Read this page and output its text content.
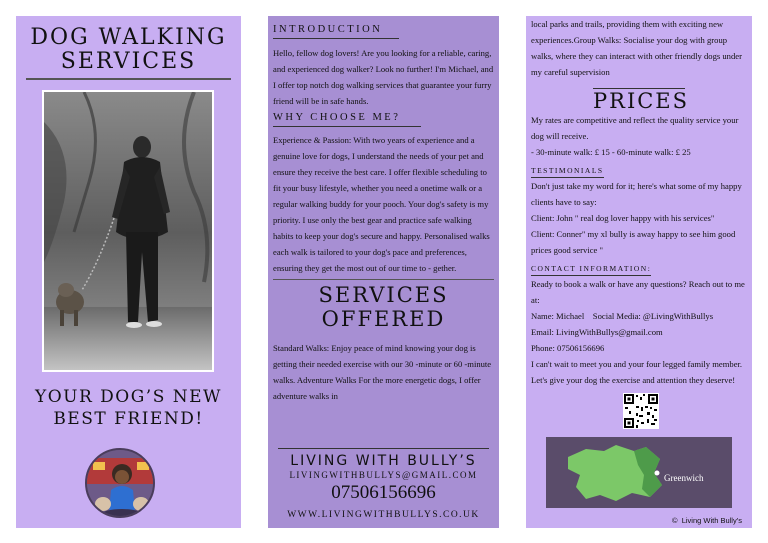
DOG WALKING
SERVICES
YOUR DOG’S NEW
BEST FRIEND!
INTRODUCTION
Hello, fellow dog lovers! Are you looking for a reliable, caring, and experienced dog walker? Look no further! I'm Michael, and I offer top notch dog walking services that guarantee your furry friend will be in safe hands.
WHY CHOOSE ME?
Experience & Passion: With two years of experience and a genuine love for dogs, I understand the needs of your pet and ensure they receive the best care. I offer flexible scheduling to fit your busy lifestyle, whether you need a onetime walk or a regular walking buddy for your pooch. Your dog's safety is my priority. I use only the best gear and practice safe walking habits to keep your dog's secure and happy. Personalised walks each walk is tailored to your dog's pace and preferences, ensuring they get the most out of our time to - gether.
SERVICES
OFFERED
Standard Walks: Enjoy peace of mind knowing your dog is getting their needed exercise with our 30 -minute or 60 -minute walks. Adventure Walks For the more energetic dogs, I offer adventure walks in
LIVING WITH BULLY’S
LIVINGWITHBULLYS@GMAIL.COM
07506156696
WWW.LIVINGWITHBULLYS.CO.UK
local parks and trails, providing them with exciting new experiences.Group Walks: Socialise your dog with group walks, where they can interact with other friendly dogs under my careful supervision
PRICES
My rates are competitive and reflect the quality service your dog will receive.
- 30-minute walk: £ 15 - 60-minute walk: £ 25
TESTIMONIALS
Don't just take my word for it; here's what some of my happy clients have to say:
Client: John " real dog lover happy with his services"
Client: Conner" my xl bully is away happy to see him good prices good service "
CONTACT INFORMATION:
Ready to book a walk or have any questions? Reach out to me at:
Name: Michael    Social Media: @LivingWithBullys
Email: LivingWithBullys@gmail.com
Phone: 07506156696
I can't wait to meet you and your four legged family member. Let's give your dog the exercise and attention they deserve!
Greenwich
©  Living With Bully’s
